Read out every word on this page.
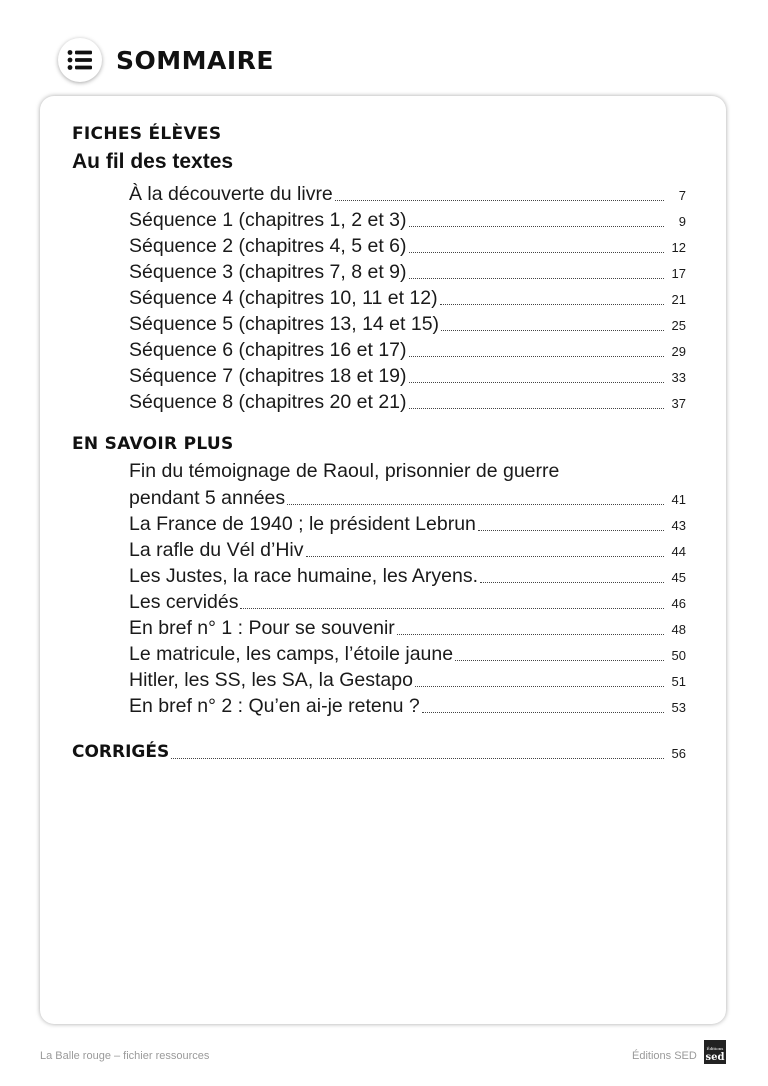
SOMMAIRE
FICHES ÉLÈVES
Au fil des textes
À la découverte du livre	7
Séquence 1 (chapitres 1, 2 et 3)	9
Séquence 2 (chapitres 4, 5 et 6)	12
Séquence 3 (chapitres 7, 8 et 9)	17
Séquence 4 (chapitres 10, 11 et 12)	21
Séquence 5 (chapitres 13, 14 et 15)	25
Séquence 6 (chapitres 16 et 17)	29
Séquence 7 (chapitres 18 et 19)	33
Séquence 8 (chapitres 20 et 21)	37
EN SAVOIR PLUS
Fin du témoignage de Raoul, prisonnier de guerre
pendant 5 années	41
La France de 1940 ; le président Lebrun	43
La rafle du Vél d’Hiv	44
Les Justes, la race humaine, les Aryens.	45
Les cervidés	46
En bref n° 1 : Pour se souvenir	48
Le matricule, les camps, l’étoile jaune	50
Hitler, les SS, les SA, la Gestapo	51
En bref n° 2 : Qu’en ai-je retenu ?	53
CORRIGÉS	56
La Balle rouge – fichier ressources	Éditions SED
Éditions
sed
